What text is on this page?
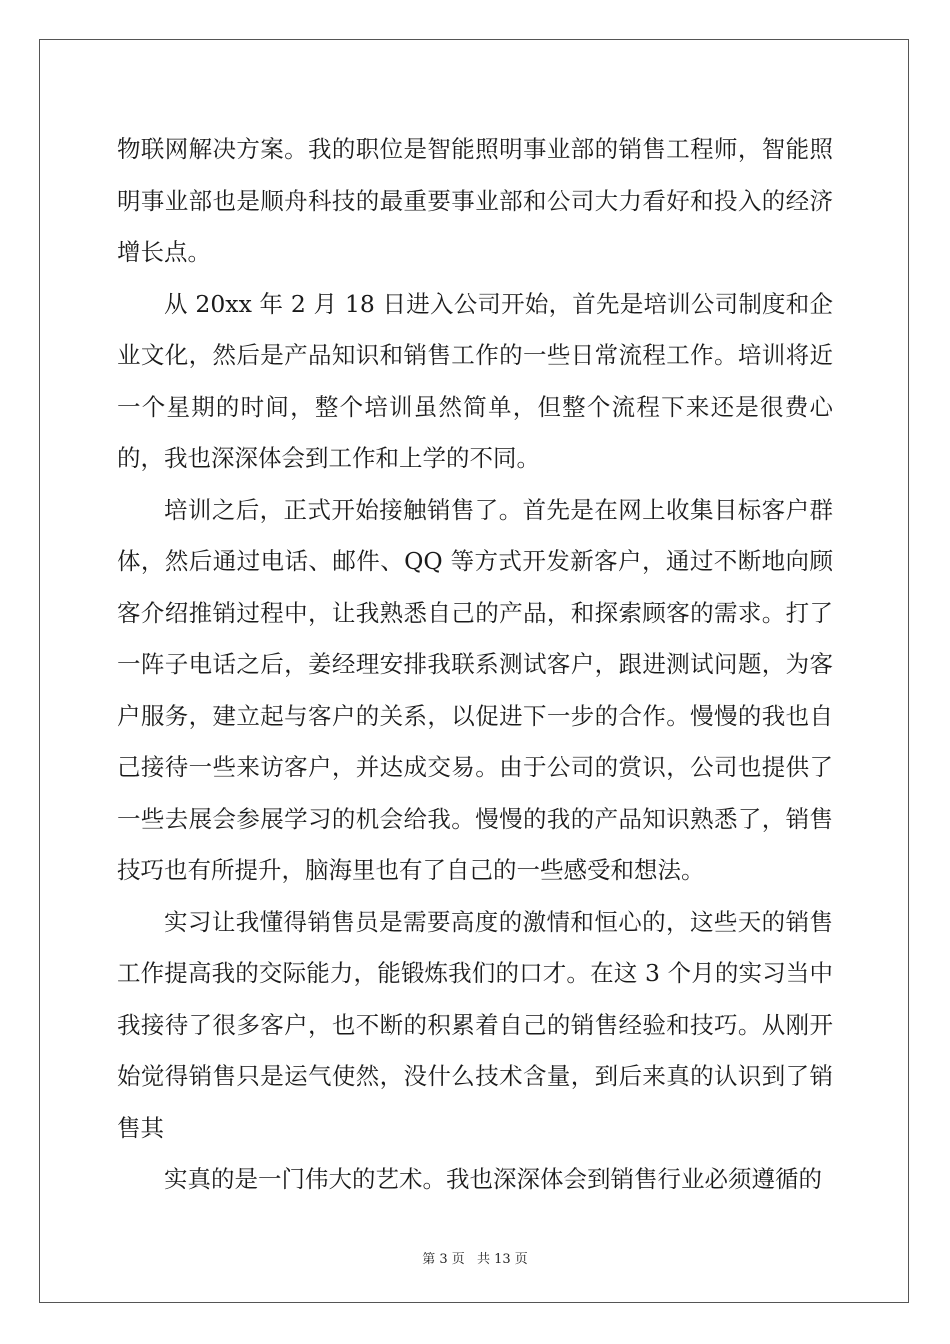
物联网解决方案。我的职位是智能照明事业部的销售工程师，智能照明事业部也是顺舟科技的最重要事业部和公司大力看好和投入的经济增长点。

从 20xx 年 2 月 18 日进入公司开始，首先是培训公司制度和企业文化，然后是产品知识和销售工作的一些日常流程工作。培训将近一个星期的时间，整个培训虽然简单，但整个流程下来还是很费心的，我也深深体会到工作和上学的不同。

培训之后，正式开始接触销售了。首先是在网上收集目标客户群体，然后通过电话、邮件、QQ 等方式开发新客户，通过不断地向顾客介绍推销过程中，让我熟悉自己的产品，和探索顾客的需求。打了一阵子电话之后，姜经理安排我联系测试客户，跟进测试问题，为客户服务，建立起与客户的关系，以促进下一步的合作。慢慢的我也自己接待一些来访客户，并达成交易。由于公司的赏识，公司也提供了一些去展会参展学习的机会给我。慢慢的我的产品知识熟悉了，销售技巧也有所提升，脑海里也有了自己的一些感受和想法。

实习让我懂得销售员是需要高度的激情和恒心的，这些天的销售工作提高我的交际能力，能锻炼我们的口才。在这 3 个月的实习当中我接待了很多客户，也不断的积累着自己的销售经验和技巧。从刚开始觉得销售只是运气使然，没什么技术含量，到后来真的认识到了销售其

实真的是一门伟大的艺术。我也深深体会到销售行业必须遵循的

第 3 页 共 13 页
